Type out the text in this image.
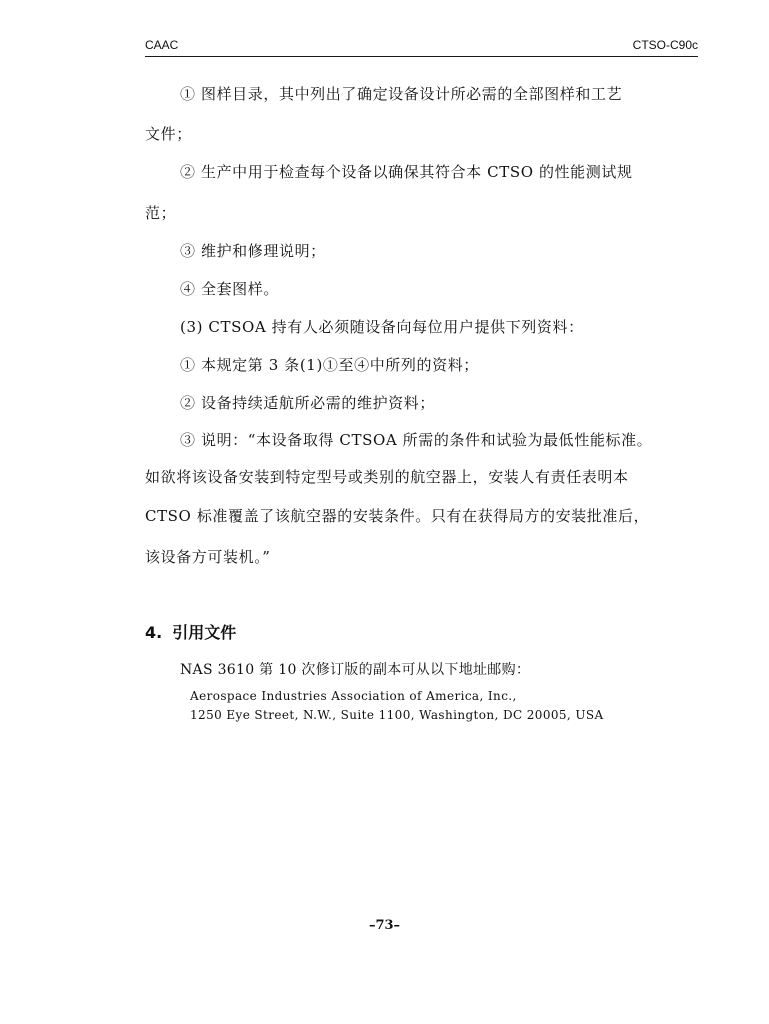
CAAC	CTSO-C90c
① 图样目录，其中列出了确定设备设计所必需的全部图样和工艺
文件；
② 生产中用于检查每个设备以确保其符合本 CTSO 的性能测试规
范；
③ 维护和修理说明；
④ 全套图样。
(3) CTSOA 持有人必须随设备向每位用户提供下列资料：
① 本规定第 3 条(1)①至④中所列的资料；
② 设备持续适航所必需的维护资料；
③ 说明：“本设备取得 CTSOA 所需的条件和试验为最低性能标准。
如欲将该设备安装到特定型号或类别的航空器上，安装人有责任表明本
CTSO 标准覆盖了该航空器的安装条件。只有在获得局方的安装批准后，
该设备方可装机。”
4. 引用文件
NAS 3610 第 10 次修订版的副本可从以下地址邮购：
Aerospace Industries Association of America, Inc.,
1250 Eye Street, N.W., Suite 1100, Washington, DC 20005, USA
–73–
